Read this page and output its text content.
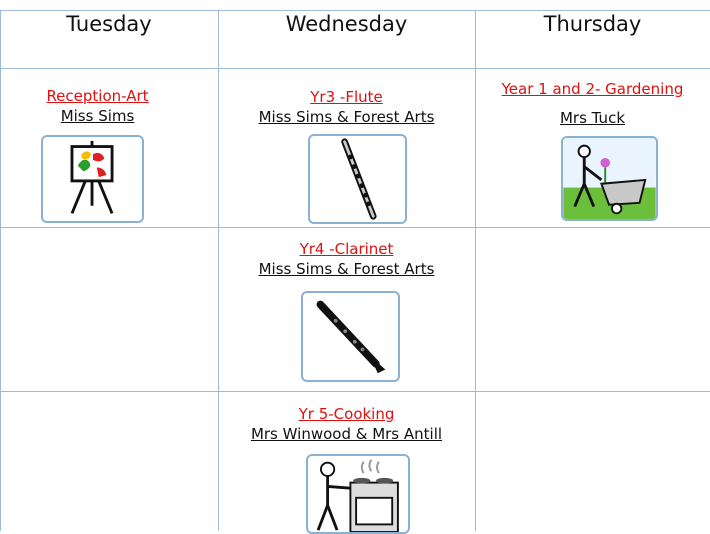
Tuesday	Wednesday	Thursday
Reception-Art
Miss Sims
Yr3 -Flute
Miss Sims & Forest Arts
Year 1 and 2- Gardening
Mrs Tuck
Yr4 -Clarinet
Miss Sims & Forest Arts
Yr 5-Cooking
Mrs Winwood & Mrs Antill
